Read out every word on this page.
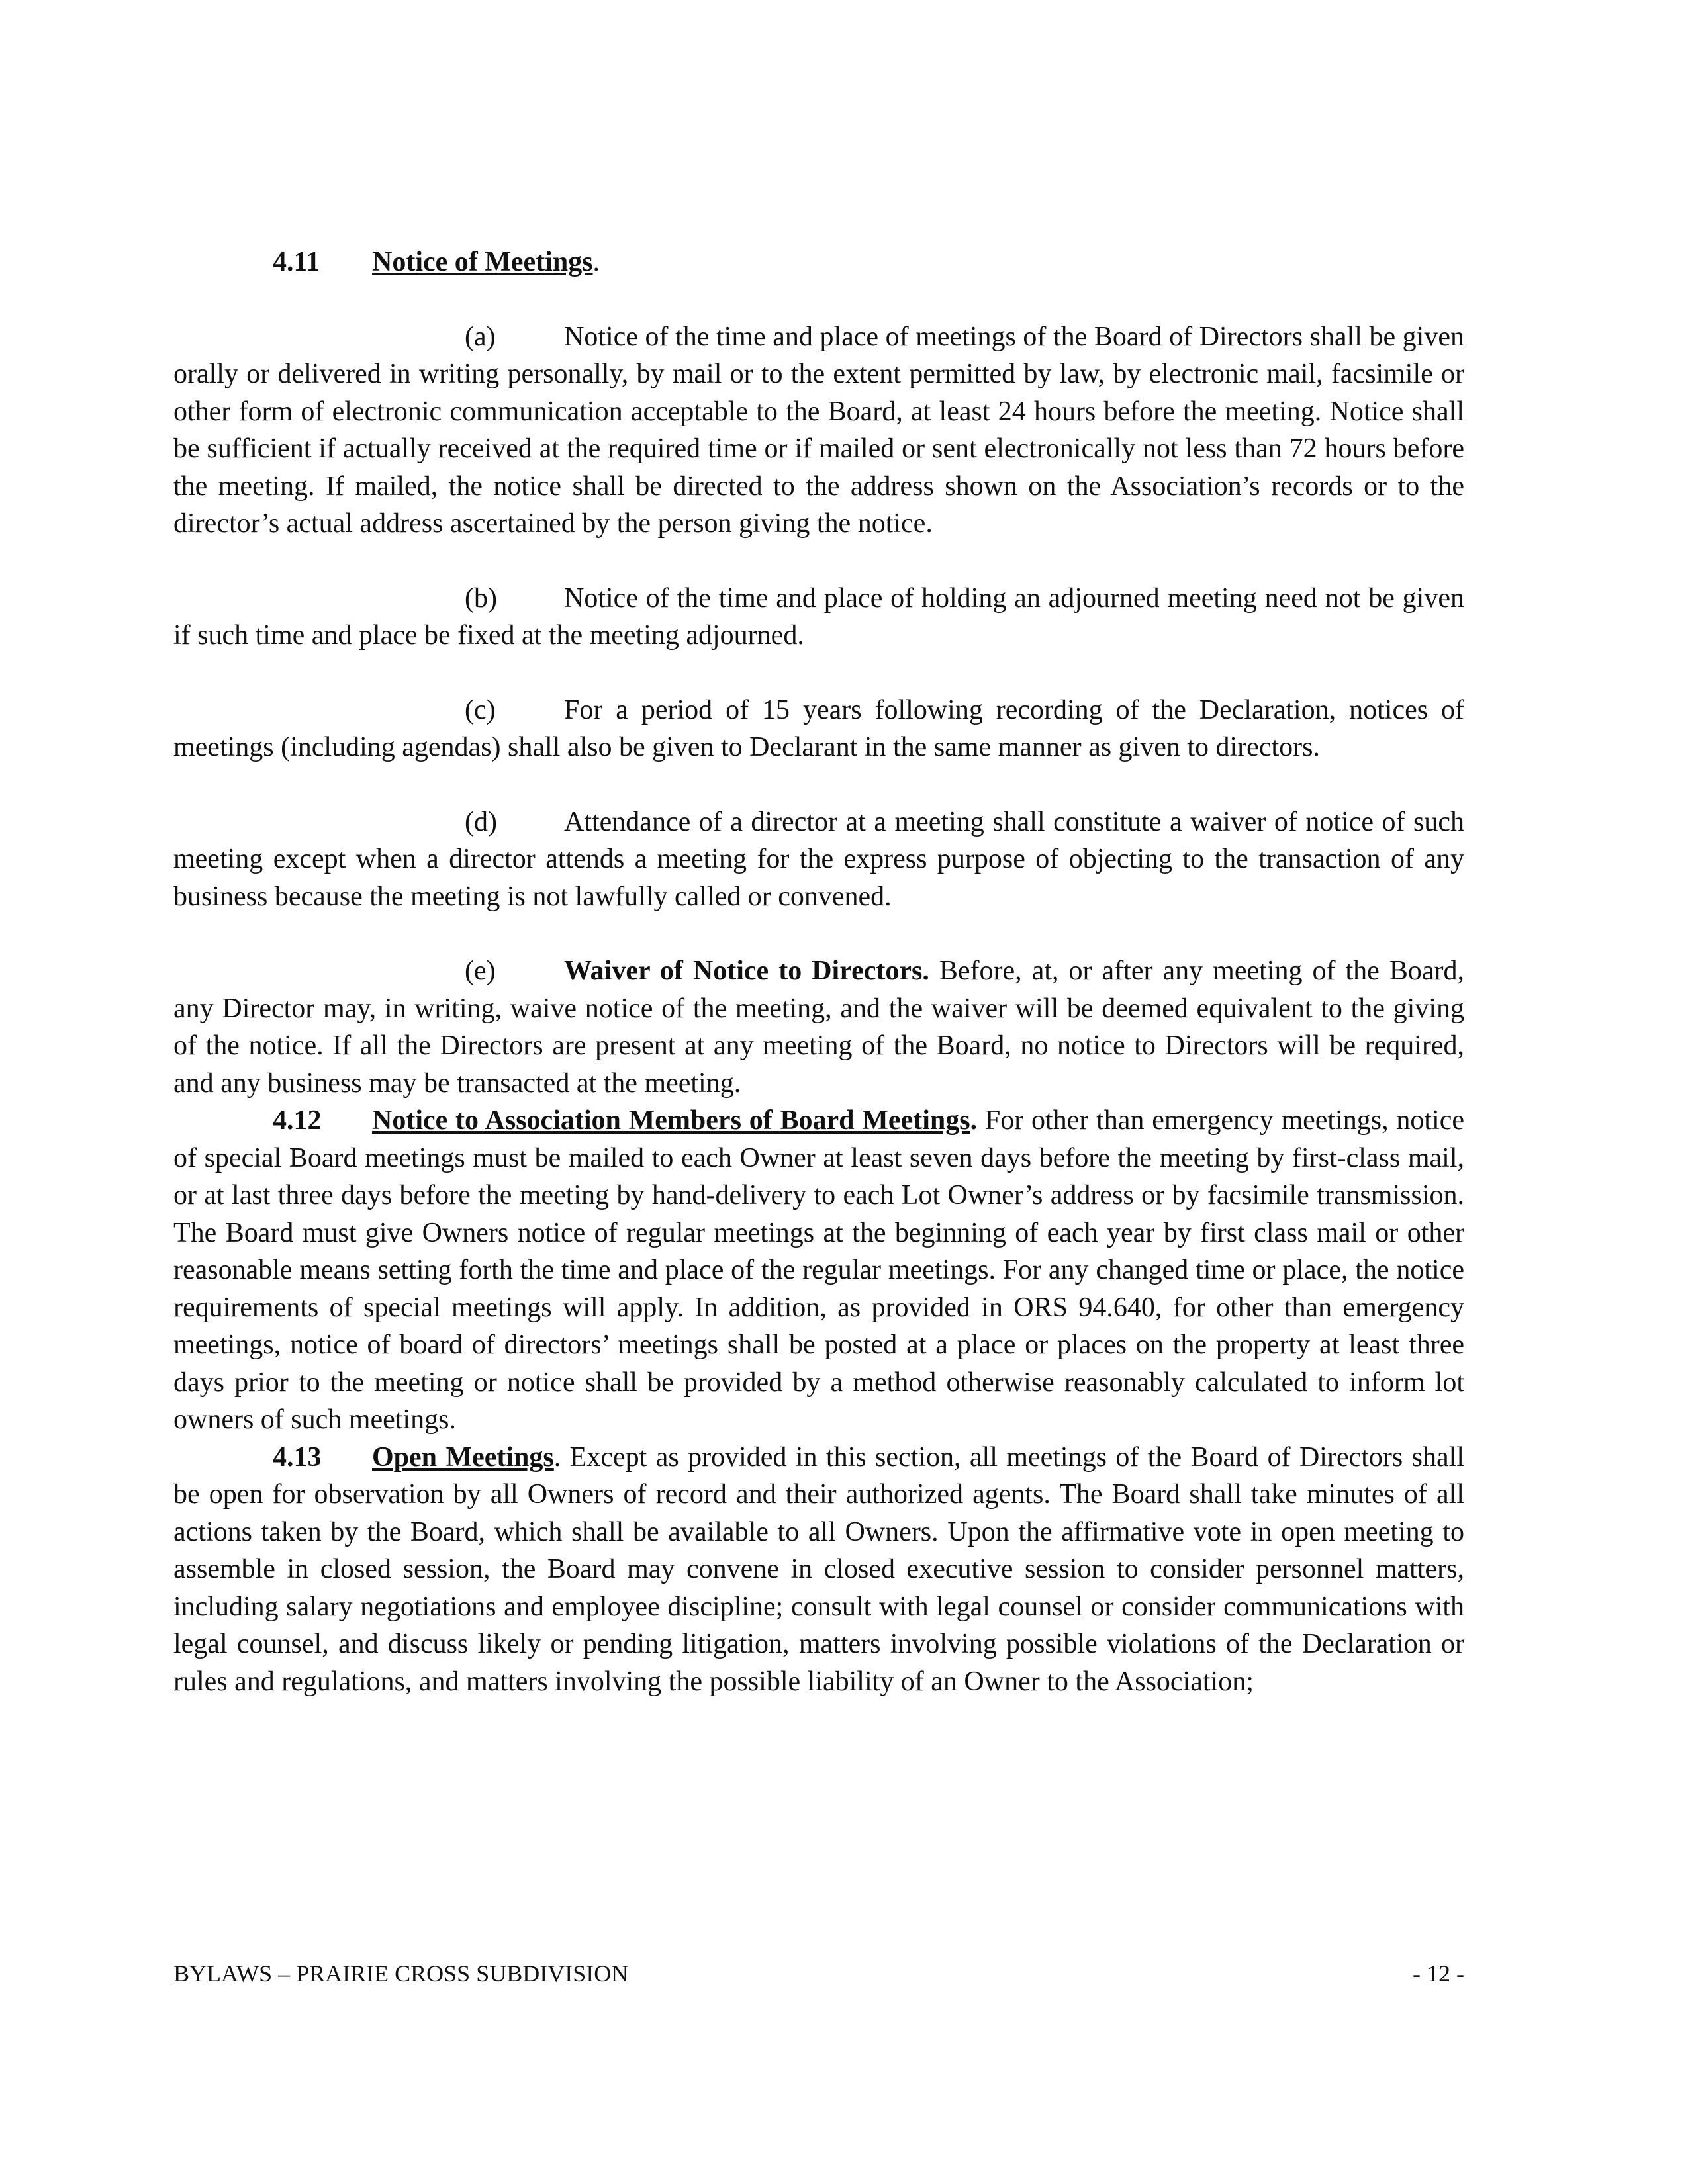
4.11 Notice of Meetings.

(a) Notice of the time and place of meetings of the Board of Directors shall be given orally or delivered in writing personally, by mail or to the extent permitted by law, by electronic mail, facsimile or other form of electronic communication acceptable to the Board, at least 24 hours before the meeting. Notice shall be sufficient if actually received at the required time or if mailed or sent electronically not less than 72 hours before the meeting. If mailed, the notice shall be directed to the address shown on the Association’s records or to the director’s actual address ascertained by the person giving the notice.

(b) Notice of the time and place of holding an adjourned meeting need not be given if such time and place be fixed at the meeting adjourned.

(c) For a period of 15 years following recording of the Declaration, notices of meetings (including agendas) shall also be given to Declarant in the same manner as given to directors.

(d) Attendance of a director at a meeting shall constitute a waiver of notice of such meeting except when a director attends a meeting for the express purpose of objecting to the transaction of any business because the meeting is not lawfully called or convened.

(e) Waiver of Notice to Directors. Before, at, or after any meeting of the Board, any Director may, in writing, waive notice of the meeting, and the waiver will be deemed equivalent to the giving of the notice. If all the Directors are present at any meeting of the Board, no notice to Directors will be required, and any business may be transacted at the meeting.

4.12 Notice to Association Members of Board Meetings. For other than emergency meetings, notice of special Board meetings must be mailed to each Owner at least seven days before the meeting by first-class mail, or at last three days before the meeting by hand-delivery to each Lot Owner’s address or by facsimile transmission. The Board must give Owners notice of regular meetings at the beginning of each year by first class mail or other reasonable means setting forth the time and place of the regular meetings. For any changed time or place, the notice requirements of special meetings will apply. In addition, as provided in ORS 94.640, for other than emergency meetings, notice of board of directors’ meetings shall be posted at a place or places on the property at least three days prior to the meeting or notice shall be provided by a method otherwise reasonably calculated to inform lot owners of such meetings.

4.13 Open Meetings. Except as provided in this section, all meetings of the Board of Directors shall be open for observation by all Owners of record and their authorized agents. The Board shall take minutes of all actions taken by the Board, which shall be available to all Owners. Upon the affirmative vote in open meeting to assemble in closed session, the Board may convene in closed executive session to consider personnel matters, including salary negotiations and employee discipline; consult with legal counsel or consider communications with legal counsel, and discuss likely or pending litigation, matters involving possible violations of the Declaration or rules and regulations, and matters involving the possible liability of an Owner to the Association;

BYLAWS – PRAIRIE CROSS SUBDIVISION	- 12 -
